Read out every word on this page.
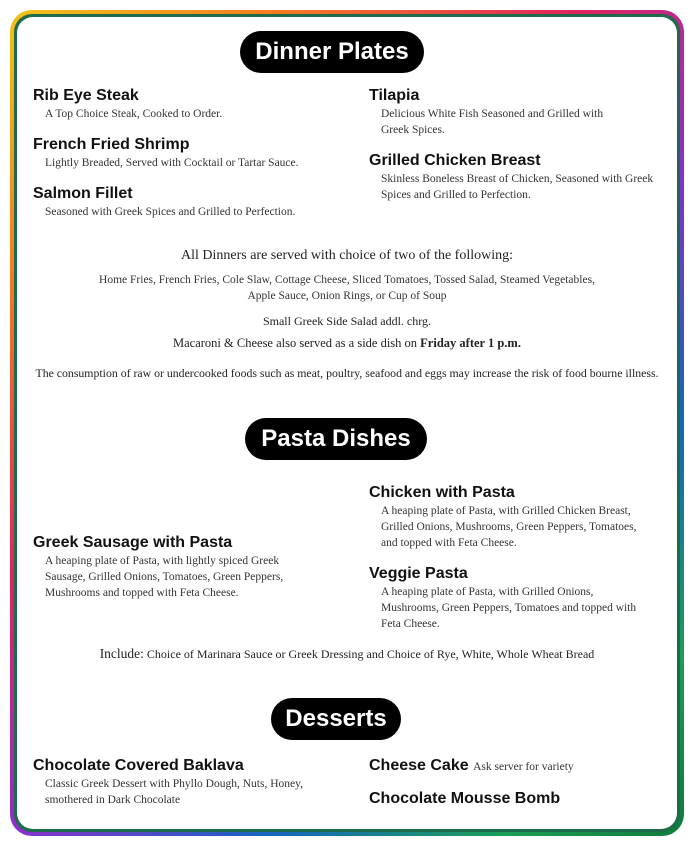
Dinner Plates
Rib Eye Steak
A Top Choice Steak, Cooked to Order.
French Fried Shrimp
Lightly Breaded, Served with Cocktail or Tartar Sauce.
Salmon Fillet
Seasoned with Greek Spices and Grilled to Perfection.
Tilapia
Delicious White Fish Seasoned and Grilled with
Greek Spices.
Grilled Chicken Breast
Skinless Boneless Breast of Chicken, Seasoned with Greek
Spices and Grilled to Perfection.
All Dinners are served with choice of two of the following:
Home Fries, French Fries, Cole Slaw, Cottage Cheese, Sliced Tomatoes, Tossed Salad, Steamed Vegetables,
Apple Sauce, Onion Rings, or Cup of Soup
Small Greek Side Salad addl. chrg.
Macaroni & Cheese also served as a side dish on Friday after 1 p.m.
The consumption of raw or undercooked foods such as meat, poultry, seafood and eggs may increase the risk of food bourne illness.
Pasta Dishes
Chicken with Pasta
A heaping plate of Pasta, with Grilled Chicken Breast,
Grilled Onions, Mushrooms, Green Peppers, Tomatoes,
and topped with Feta Cheese.
Greek Sausage with Pasta
A heaping plate of Pasta, with lightly spiced Greek
Sausage, Grilled Onions, Tomatoes, Green Peppers,
Mushrooms and topped with Feta Cheese.
Veggie Pasta
A heaping plate of Pasta, with Grilled Onions,
Mushrooms, Green Peppers, Tomatoes and topped with
Feta Cheese.
Include: Choice of Marinara Sauce or Greek Dressing and Choice of Rye, White, Whole Wheat Bread
Desserts
Chocolate Covered Baklava
Classic Greek Dessert with Phyllo Dough, Nuts, Honey,
smothered in Dark Chocolate
Cheese Cake Ask server for variety
Chocolate Mousse Bomb
